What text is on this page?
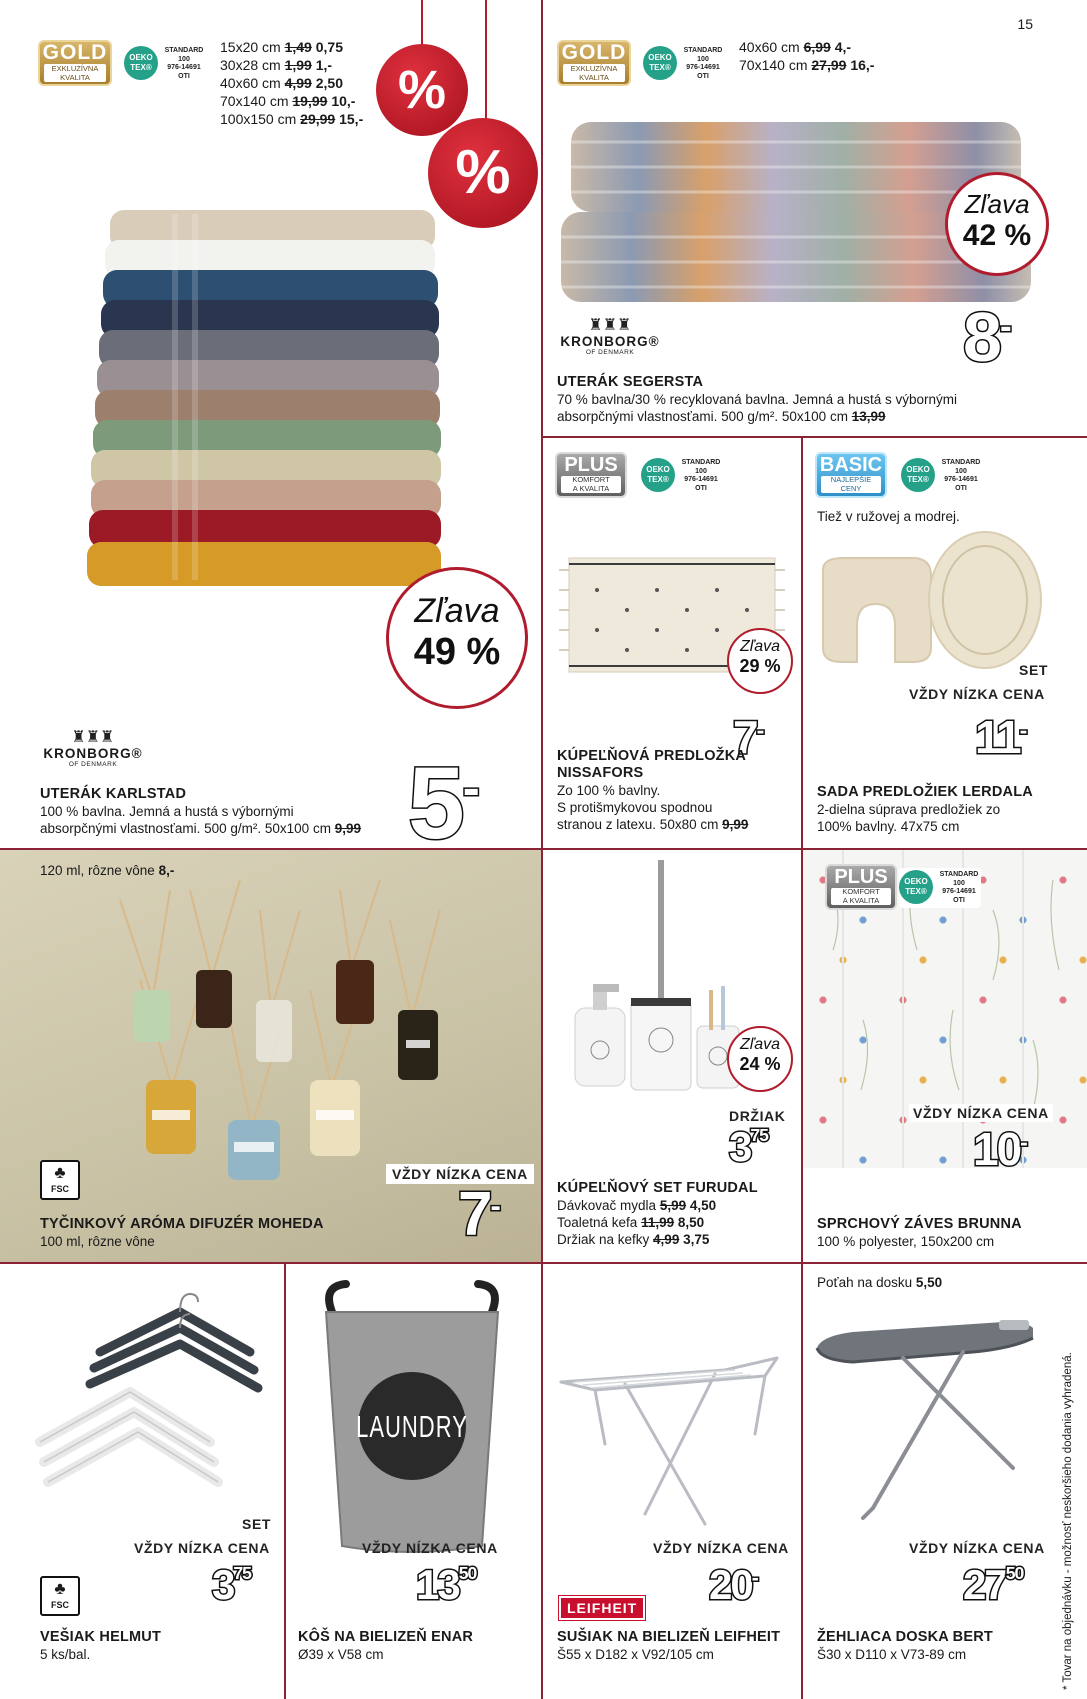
15
* Tovar na objednávku - možnosť neskoršieho dodania vyhradená.
GOLD
EXKLUZÍVNA KVALITA
OEKO TEX®
STANDARD 100
976-14691 OTI
15x20 cm 1,49 0,75
30x28 cm 1,99 1,-
40x60 cm 4,99 2,50
70x140 cm 19,99 10,-
100x150 cm 29,99 15,- %
%
Zľava
49 %
♜♜♜
KRONBORG®
OF DENMARK
UTERÁK KARLSTAD
100 % bavlna. Jemná a hustá s výbornými
absorpčnými vlastnosťami. 500 g/m². 50x100 cm 9,99 5-
GOLD
EXKLUZÍVNA KVALITA
OEKO TEX®
STANDARD 100
976-14691 OTI
40x60 cm 6,99 4,-
70x140 cm 27,99 16,-
Zľava
42 %
♜♜♜
KRONBORG®
OF DENMARK	8-
UTERÁK SEGERSTA
70 % bavlna/30 % recyklovaná bavlna. Jemná a hustá s výbornými
absorpčnými vlastnosťami. 500 g/m². 50x100 cm 13,99
PLUS
KOMFORT
A KVALITA
OEKO TEX®
STANDARD 100
976-14691 OTI
Zľava
29 %
7-
KÚPEĽŇOVÁ PREDLOŽKA
NISSAFORS
Zo 100 % bavlny.
S protišmykovou spodnou
stranou z latexu. 50x80 cm 9,99
BASIC
NAJLEPŠIE
CENY
OEKO TEX®
STANDARD 100
976-14691 OTI
Tiež v ružovej a modrej.
SET
VŽDY NÍZKA CENA
11-
SADA PREDLOŽIEK LERDALA
2-dielna súprava predložiek zo
100% bavlny. 47x75 cm
120 ml, rôzne vône 8,-
♣
FSC
VŽDY NÍZKA CENA
7-
TYČINKOVÝ ARÓMA DIFUZÉR MOHEDA
100 ml, rôzne vône
Zľava
24 %
DRŽIAK
$3^{75}$
KÚPEĽŇOVÝ SET FURUDAL
Dávkovač mydla 5,99 4,50
Toaletná kefa 11,99 8,50
Držiak na kefky 4,99 3,75
PLUS
KOMFORT
A KVALITA
OEKO TEX®
STANDARD 100
976-14691 OTI
VŽDY NÍZKA CENA
10-
SPRCHOVÝ ZÁVES BRUNNA
100 % polyester, 150x200 cm
SET
VŽDY NÍZKA CENA
♣
FSC	$3^{75}$
VEŠIAK HELMUT
5 ks/bal.
LAUNDRY
VŽDY NÍZKA CENA
$13^{50}$
KÔŠ NA BIELIZEŇ ENAR
Ø39 x V58 cm
VŽDY NÍZKA CENA
LEIFHEIT 20-
SUŠIAK NA BIELIZEŇ LEIFHEIT
Š55 x D182 x V92/105 cm
Poťah na dosku 5,50
VŽDY NÍZKA CENA
$27^{50}$
ŽEHLIACA DOSKA BERT
Š30 x D110 x V73-89 cm
